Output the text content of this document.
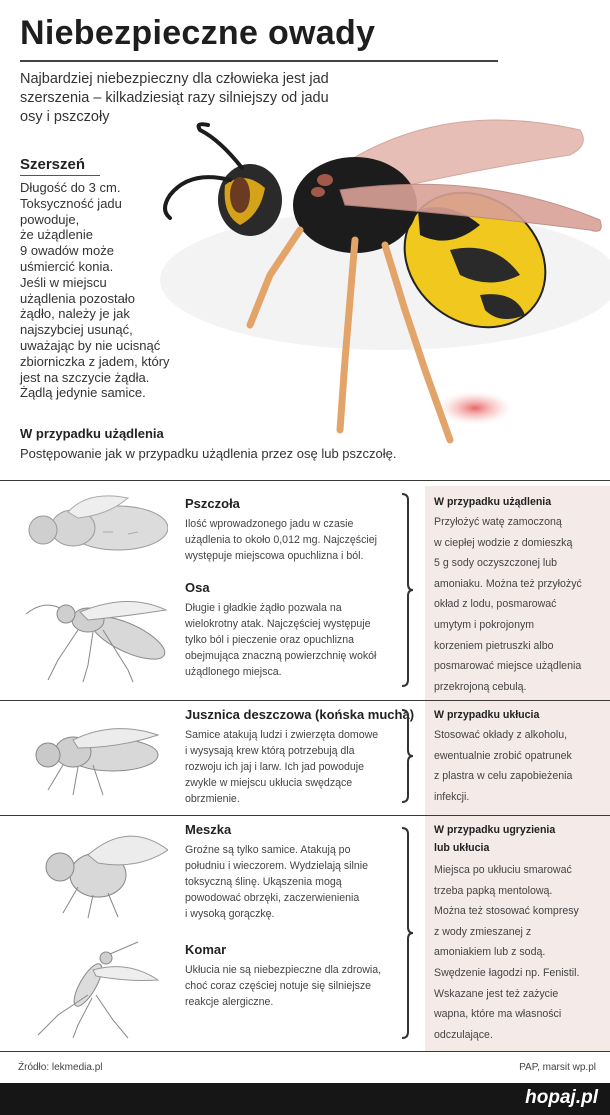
Niebezpieczne owady
Najbardziej niebezpieczny dla człowieka jest jad szerszenia – kilkadziesiąt razy silniejszy od jadu osy i pszczoły
Szerszeń
Długość do 3 cm.
Toksyczność jadu
powoduje,
że użądlenie
9 owadów może
uśmiercić konia.
Jeśli w miejscu
użądlenia pozostało
żądło, należy je jak
najszybciej usunąć,
uważając by nie ucisnąć
zbiorniczka z jadem, który
jest na szczycie żądła.
Żądlą jedynie samice.
W przypadku użądlenia
Postępowanie jak w przypadku użądlenia przez osę lub pszczołę.
Pszczoła
Ilość wprowadzonego jadu w czasie
użądlenia to około 0,012 mg. Najczęściej
występuje miejscowa opuchlizna i ból.
Osa
Długie i gładkie żądło pozwala na
wielokrotny atak. Najczęściej występuje
tylko ból i pieczenie oraz opuchlizna
obejmująca znaczną powierzchnię wokół
użądlonego miejsca.
Jusznica deszczowa (końska mucha)
Samice atakują ludzi i zwierzęta domowe
i wysysają krew którą potrzebują dla
rozwoju ich jaj i larw. Ich jad powoduje
zwykle w miejscu ukłucia swędzące
obrzmienie.
Meszka
Groźne są tylko samice. Atakują po
południu i wieczorem. Wydzielają silnie
toksyczną ślinę. Ukąszenia mogą
powodować obrzęki, zaczerwienienia
i wysoką gorączkę.
Komar
Ukłucia nie są niebezpieczne dla zdrowia,
choć coraz częściej notuje się silniejsze
reakcje alergiczne.
W przypadku użądlenia
Przyłożyć watę zamoczoną
w ciepłej wodzie z domieszką
5 g sody oczyszczonej lub
amoniaku. Można też przyłożyć
okład z lodu, posmarować
umytym i pokrojonym
korzeniem pietruszki albo
posmarować miejsce użądlenia
przekrojoną cebulą.
W przypadku ukłucia
Stosować okłady z alkoholu,
ewentualnie zrobić opatrunek
z plastra w celu zapobieżenia
infekcji.
W przypadku ugryzienia
lub ukłucia
Miejsca po ukłuciu smarować
trzeba papką mentolową.
Można też stosować kompresy
z wody zmieszanej z
amoniakiem lub z sodą.
Swędzenie łagodzi np. Fenistil.
Wskazane jest też zażycie
wapna, które ma własności
odczulające.
Źródło: lekmedia.pl	PAP, marsit wp.pl
hopaj.pl
